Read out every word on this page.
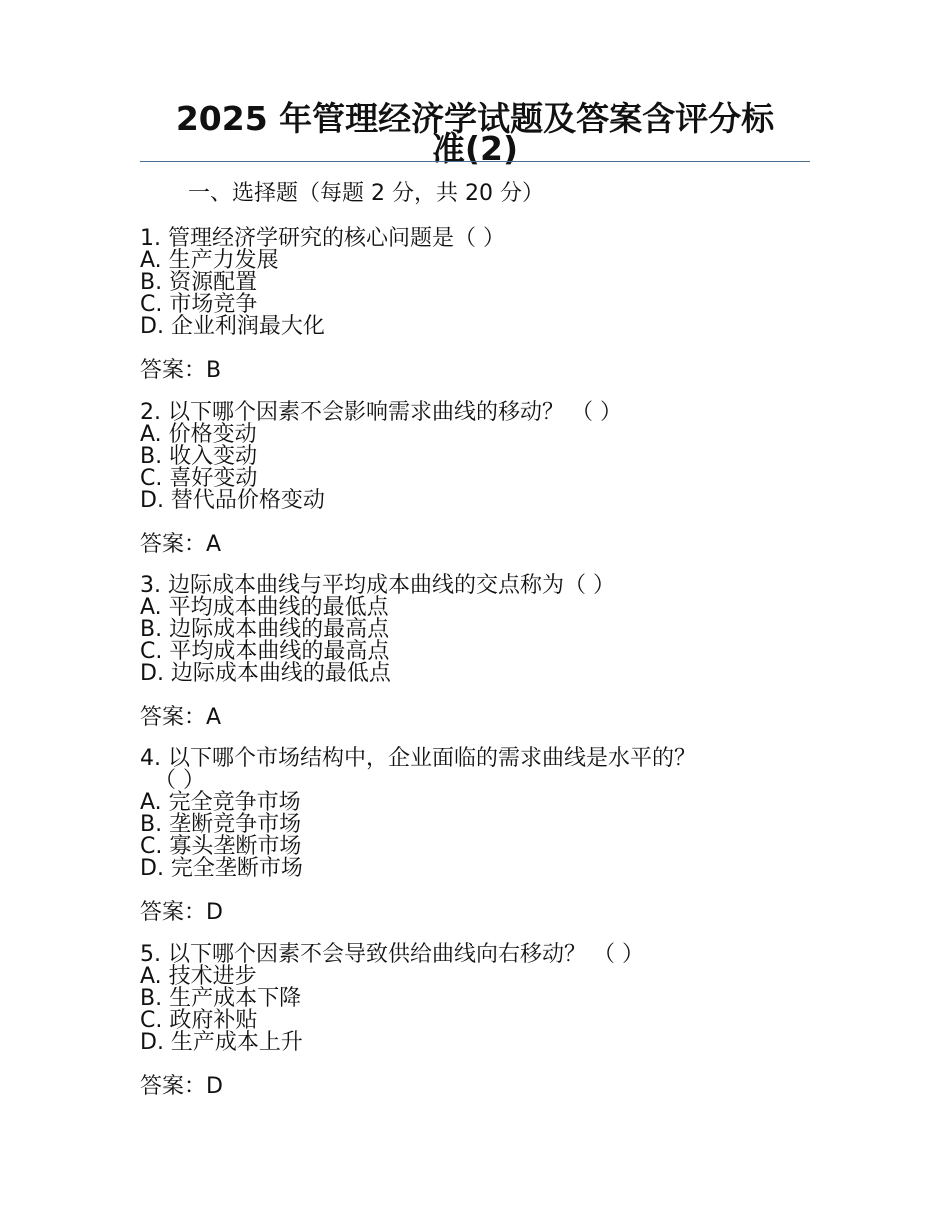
2025 年管理经济学试题及答案含评分标
准(2)
一、选择题（每题 2 分，共 20 分）
1. 管理经济学研究的核心问题是（ ）
A. 生产力发展
B. 资源配置
C. 市场竞争
D. 企业利润最大化
答案：B
2. 以下哪个因素不会影响需求曲线的移动？ （ ）
A. 价格变动
B. 收入变动
C. 喜好变动
D. 替代品价格变动
答案：A
3. 边际成本曲线与平均成本曲线的交点称为（ ）
A. 平均成本曲线的最低点
B. 边际成本曲线的最高点
C. 平均成本曲线的最高点
D. 边际成本曲线的最低点
答案：A
4. 以下哪个市场结构中，企业面临的需求曲线是水平的？
（ ）
A. 完全竞争市场
B. 垄断竞争市场
C. 寡头垄断市场
D. 完全垄断市场
答案：D
5. 以下哪个因素不会导致供给曲线向右移动？ （ ）
A. 技术进步
B. 生产成本下降
C. 政府补贴
D. 生产成本上升
答案：D
